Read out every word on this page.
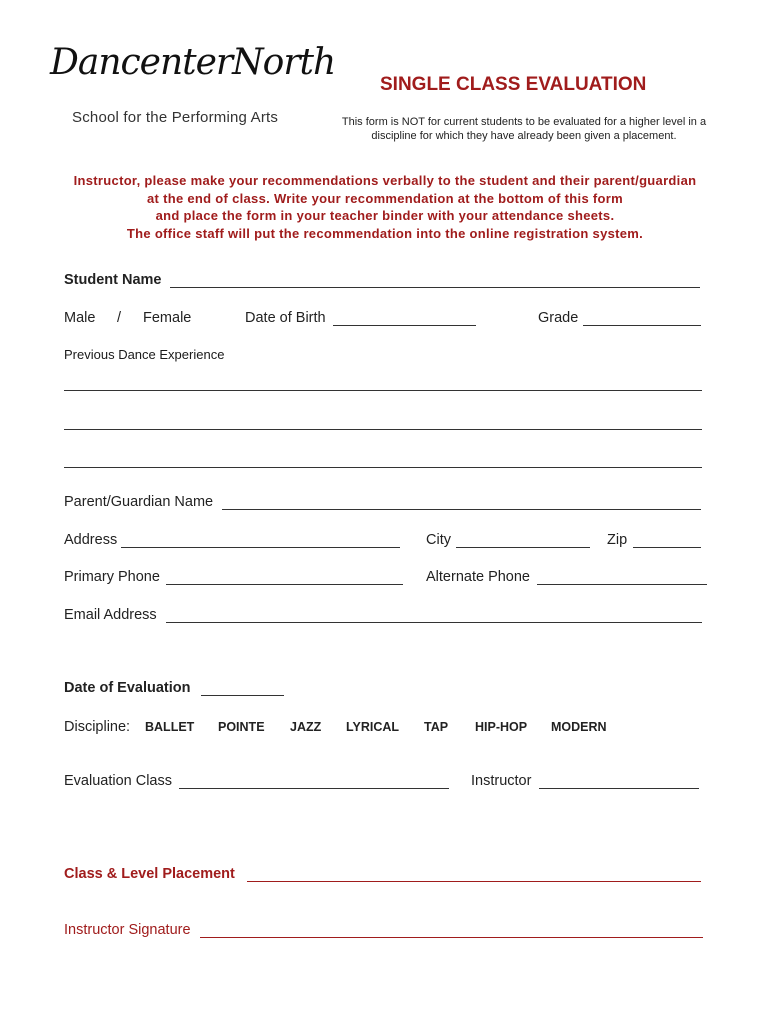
DancenterNorth
School for the Performing Arts
SINGLE CLASS EVALUATION
This form is NOT for current students to be evaluated for a higher level in a discipline for which they have already been given a placement.
Instructor, please make your recommendations verbally to the student and their parent/guardian
at the end of class. Write your recommendation at the bottom of this form
and place the form in your teacher binder with your attendance sheets.
The office staff will put the recommendation into the online registration system.
Student Name
Male / Female	Date of Birth	Grade
Previous Dance Experience
Parent/Guardian Name
Address	City	Zip
Primary Phone	Alternate Phone
Email Address
Date of Evaluation
Discipline: BALLET POINTE JAZZ LYRICAL TAP HIP-HOP MODERN
Evaluation Class	Instructor
Class & Level Placement
Instructor Signature
